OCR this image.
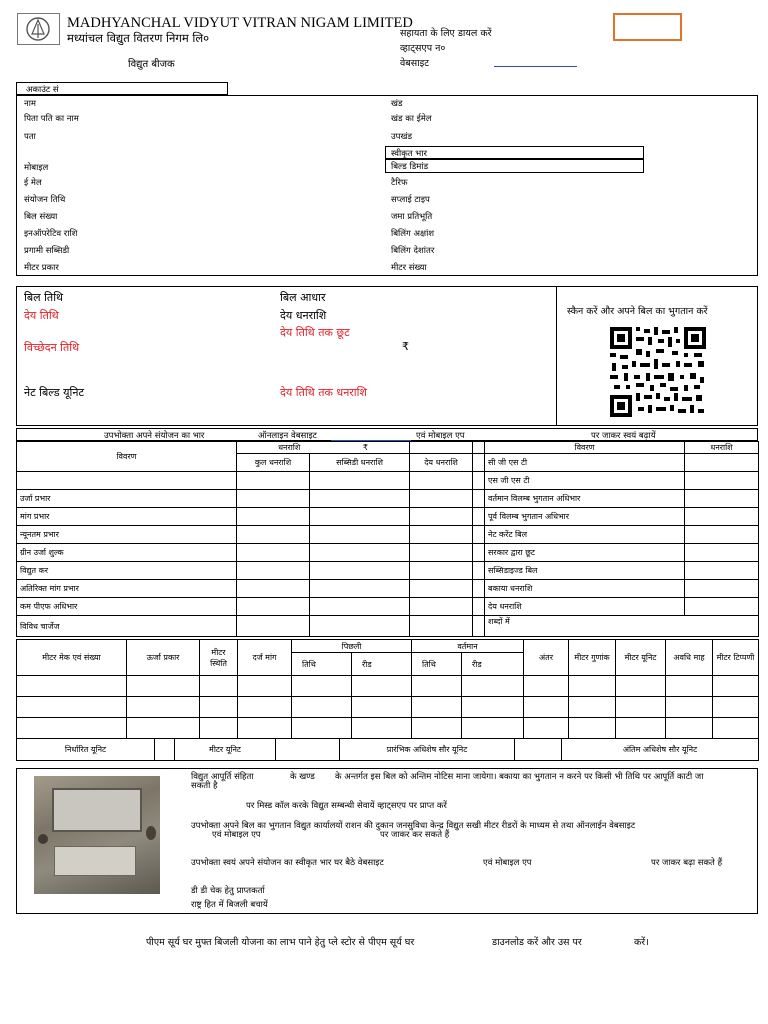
MADHYANCHAL VIDYUT VITRAN NIGAM LIMITED
मध्यांचल विद्युत वितरण निगम लि०
विद्युत बीजक
सहायता के लिए डायल करें
व्हाट्सएप न०
वेबसाइट
अकाउंट सं
नाम
पिता पति का नाम
पता
मोबाइल
ई मेल
संयोजन तिथि
बिल संख्या
इनऑपरेटिव राशि
प्रगामी सब्सिडी
मीटर प्रकार
खंड
खंड का ईमेल
उपखंड
स्वीकृत भार
बिल्ड डिमांड
टैरिफ
सप्लाई टाइप
जमा प्रतिभूति
बिलिंग अक्षांश
बिलिंग देशांतर
मीटर संख्या
बिल तिथि
देय तिथि
विच्छेदन तिथि
नेट बिल्ड यूनिट
बिल आधार
देय धनराशि
देय तिथि तक छूट
₹
देय तिथि तक धनराशि
स्कैन करें और अपने बिल का भुगतान करें
उपभोक्ता अपने संयोजन का भार	ऑनलाइन वेबसाइट	एवं मोबाइल एप	पर जाकर स्वयं बढ़ायें
विवरण	धनराशि ₹				विवरण	धनराशि
	कुल धनराशि	सब्सिडी धनराशि	देय धनराशि		सी जी एस टी	
					एस जी एस टी	
उर्जा प्रभार					वर्तमान विलम्ब भुगतान अधिभार	
मांग प्रभार					पूर्व विलम्ब भुगतान अधिभार	
न्यूनतम प्रभार					नेट करेंट बिल	
ग्रीन उर्जा शुल्क					सरकार द्वारा छूट	
विद्युत कर					सब्सिडाइज्ड बिल	
अतिरिक्त मांग प्रभार					बकाया धनराशि	
कम पीएफ अधिभार					देय धनराशि	
विविध चार्जेज					शब्दों में	
मीटर मेक एवं संख्या	ऊर्जा प्रकार	मीटर स्थिति	दर्ज मांग	पिछली		वर्तमान		अंतर	मीटर गुणांक	मीटर यूनिट	अवधि माह	मीटर टिप्पणी
				तिथि	रीड	तिथि	रीड					

निर्धारित यूनिट		मीटर यूनिट		प्रारंभिक अधिशेष सौर यूनिट		अंतिम अधिशेष सौर यूनिट
विद्युत आपूर्ति संहिता	के खण्ड के अन्तर्गत इस बिल को अन्तिम नोटिस माना जायेगा। बकाया का भुगतान न करने पर किसी भी तिथि पर आपूर्ति काटी जा
सकती है
पर मिस्ड कॉल करके विद्युत सम्बन्धी सेवायें व्हाट्सएप पर प्राप्त करें
उपभोक्ता अपने बिल का भुगतान विद्युत कार्यालयों राशन की दुकान जनसुविधा केन्द्र विद्युत सखी मीटर रीडरों के माध्यम से तथा ऑनलाईन वेबसाइट
एवं मोबाइल एप	पर जाकर कर सकते हैं
उपभोक्ता स्वयं अपने संयोजन का स्वीकृत भार घर बैठे वेबसाइट	एवं मोबाइल एप	पर जाकर बढ़ा सकते हैं
डी डी चेक हेतु प्राप्तकर्ता
राष्ट्र हित में बिजली बचायें
पीएम सूर्य घर मुफ्त बिजली योजना का लाभ पाने हेतु प्ले स्टोर से पीएम सूर्य घर	डाउनलोड करें और उस पर	करें।
